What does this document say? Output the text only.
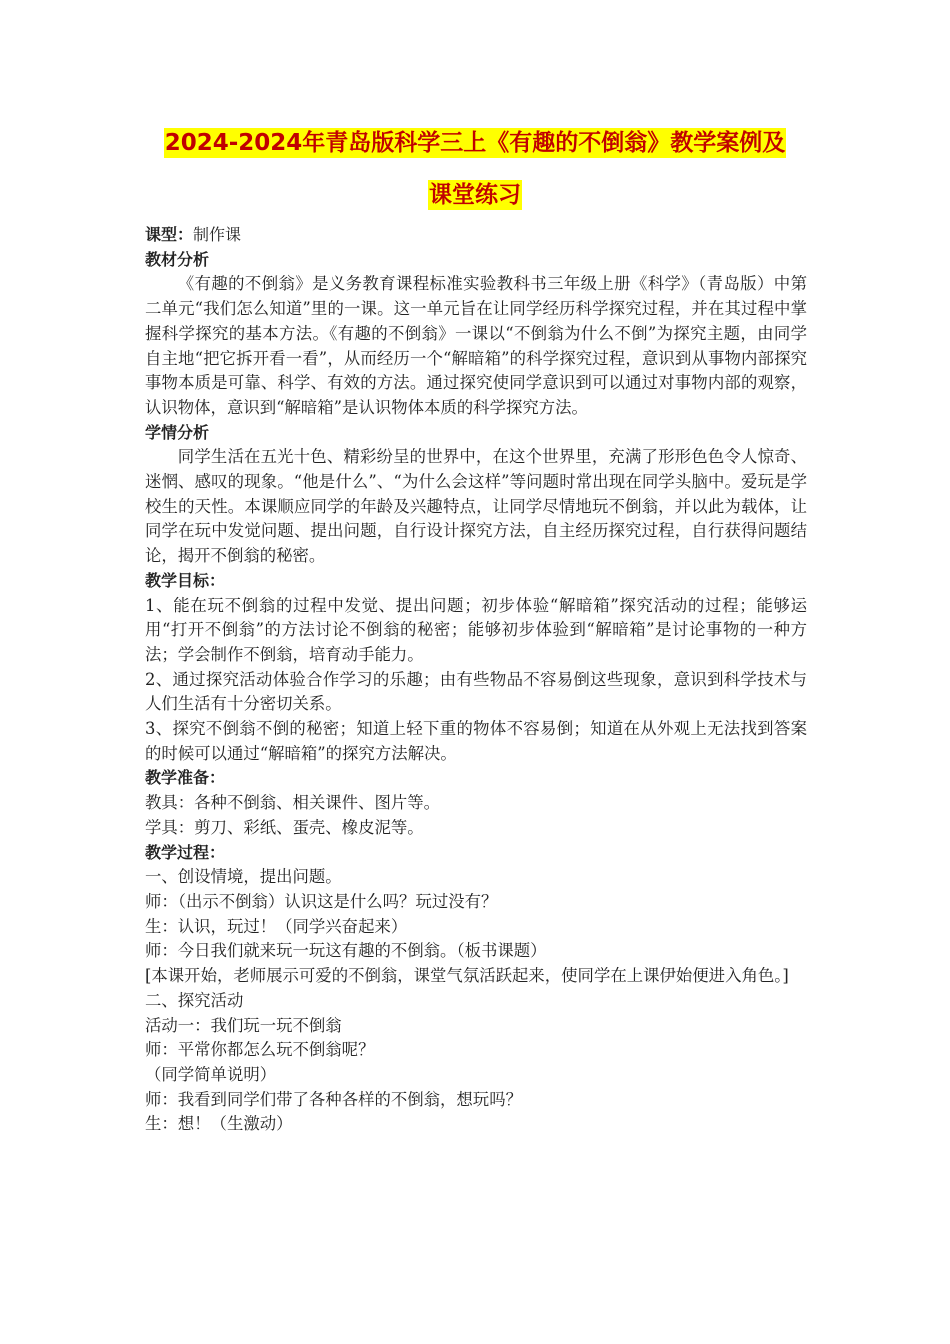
2024-2024年青岛版科学三上《有趣的不倒翁》教学案例及
课堂练习
课型：制作课
教材分析
《有趣的不倒翁》是义务教育课程标准实验教科书三年级上册《科学》（青岛版）中第二单元“我们怎么知道”里的一课。这一单元旨在让同学经历科学探究过程，并在其过程中掌握科学探究的基本方法。《有趣的不倒翁》一课以“不倒翁为什么不倒”为探究主题，由同学自主地“把它拆开看一看”，从而经历一个“解暗箱”的科学探究过程，意识到从事物内部探究事物本质是可靠、科学、有效的方法。通过探究使同学意识到可以通过对事物内部的观察，认识物体，意识到“解暗箱”是认识物体本质的科学探究方法。
学情分析
同学生活在五光十色、精彩纷呈的世界中，在这个世界里，充满了形形色色令人惊奇、迷惘、感叹的现象。“他是什么”、“为什么会这样”等问题时常出现在同学头脑中。爱玩是学校生的天性。本课顺应同学的年龄及兴趣特点，让同学尽情地玩不倒翁，并以此为载体，让同学在玩中发觉问题、提出问题，自行设计探究方法，自主经历探究过程，自行获得问题结论，揭开不倒翁的秘密。
教学目标：
1、能在玩不倒翁的过程中发觉、提出问题；初步体验“解暗箱”探究活动的过程；能够运用“打开不倒翁”的方法讨论不倒翁的秘密；能够初步体验到“解暗箱”是讨论事物的一种方法；学会制作不倒翁，培育动手能力。
2、通过探究活动体验合作学习的乐趣；由有些物品不容易倒这些现象，意识到科学技术与人们生活有十分密切关系。
3、探究不倒翁不倒的秘密；知道上轻下重的物体不容易倒；知道在从外观上无法找到答案的时候可以通过“解暗箱”的探究方法解决。
教学准备：
教具：各种不倒翁、相关课件、图片等。
学具：剪刀、彩纸、蛋壳、橡皮泥等。
教学过程：
一、创设情境，提出问题。
师：（出示不倒翁）认识这是什么吗？玩过没有？
生：认识，玩过！（同学兴奋起来）
师：今日我们就来玩一玩这有趣的不倒翁。（板书课题）
[本课开始，老师展示可爱的不倒翁，课堂气氛活跃起来，使同学在上课伊始便进入角色。]
二、探究活动
活动一：我们玩一玩不倒翁
师：平常你都怎么玩不倒翁呢？
（同学简单说明）
师：我看到同学们带了各种各样的不倒翁，想玩吗？
生：想！（生激动）
